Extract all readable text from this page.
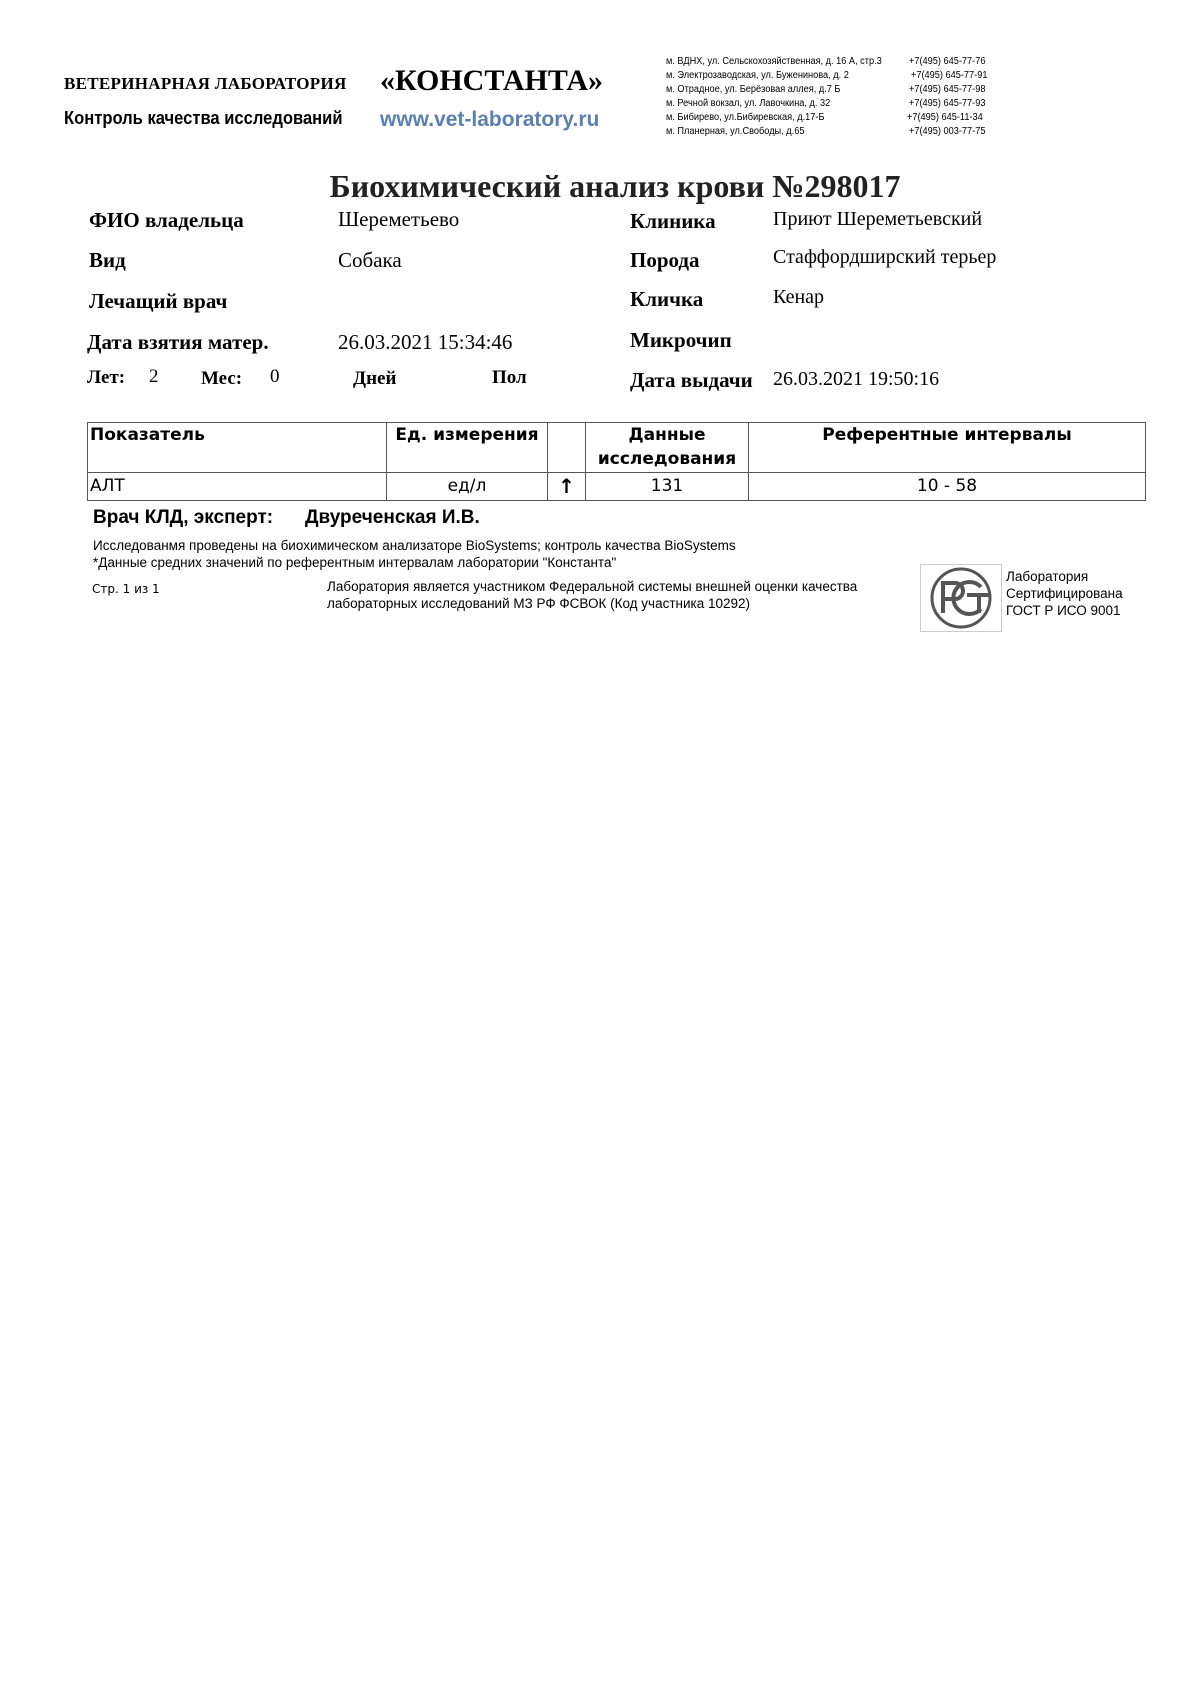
ВЕТЕРИНАРНАЯ ЛАБОРАТОРИЯ «КОНСТАНТА»
Контроль качества исследований www.vet-laboratory.ru
м. ВДНХ, ул. Сельскохозяйственная, д. 16 А, стр.3	+7(495) 645-77-76
м. Электрозаводская, ул. Буженинова, д. 2	+7(495) 645-77-91
м. Отрадное, ул. Берёзовая аллея, д.7 Б	+7(495) 645-77-98
м. Речной вокзал, ул. Лавочкина, д. 32	+7(495) 645-77-93
м. Бибирево, ул.Бибиревская, д.17-Б	+7(495) 645-11-34
м. Планерная, ул.Свободы, д.65	+7(495) 003-77-75
Биохимический анализ крови №298017
ФИО владельца	Шереметьево
Вид	Собака
Лечащий врач
Дата взятия матер.	26.03.2021 15:34:46
Лет: 2 Мес: 0	Дней	Пол
Клиника	Приют Шереметьевский
Порода	Стаффордширский терьер
Кличка	Кенар
Микрочип
Дата выдачи 26.03.2021 19:50:16
Показатель	Ед. измерения		Данные исследования	Референтные интервалы
АЛТ	ед/л	↑	131	10 - 58
Врач КЛД, эксперт: Двуреченская И.В.
Исследованмя проведены на биохимическом анализаторе BioSystems; контроль качества BioSystems
*Данные средних значений по референтным интервалам лаборатории "Константа"
Стр. 1 из 1	Лаборатория является участником Федеральной системы внешней оценки качества лабораторных исследований МЗ РФ ФСВОК (Код участника 10292)
Лаборатория Сертифицирована ГОСТ Р ИСО 9001
